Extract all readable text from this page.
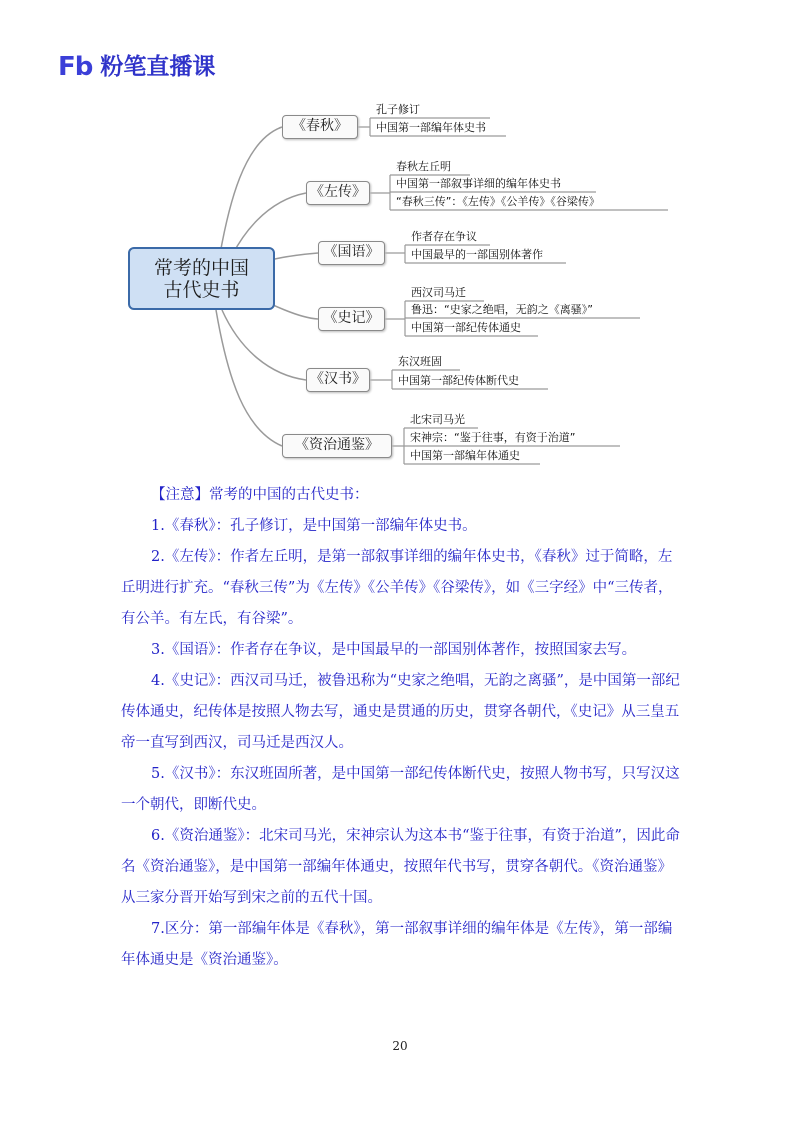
Fb 粉笔直播课
常考的中国
古代史书
《春秋》
《左传》
《国语》
《史记》
《汉书》
《资治通鉴》
孔子修订
中国第一部编年体史书
春秋左丘明
中国第一部叙事详细的编年体史书
“春秋三传”：《左传》《公羊传》《谷梁传》
作者存在争议
中国最早的一部国别体著作
西汉司马迁
鲁迅：“史家之绝唱，无韵之《离骚》”
中国第一部纪传体通史
东汉班固
中国第一部纪传体断代史
北宋司马光
宋神宗：“鉴于往事，有资于治道”
中国第一部编年体通史

【注意】常考的中国的古代史书：

1.《春秋》：孔子修订，是中国第一部编年体史书。

2.《左传》：作者左丘明，是第一部叙事详细的编年体史书，《春秋》过于简略，左丘明进行扩充。“春秋三传”为《左传》《公羊传》《谷梁传》，如《三字经》中“三传者，有公羊。有左氏，有谷梁”。

3.《国语》：作者存在争议，是中国最早的一部国别体著作，按照国家去写。

4.《史记》：西汉司马迁，被鲁迅称为“史家之绝唱，无韵之离骚”，是中国第一部纪传体通史，纪传体是按照人物去写，通史是贯通的历史，贯穿各朝代，《史记》从三皇五帝一直写到西汉，司马迁是西汉人。

5.《汉书》：东汉班固所著，是中国第一部纪传体断代史，按照人物书写，只写汉这一个朝代，即断代史。

6.《资治通鉴》：北宋司马光，宋神宗认为这本书“鉴于往事，有资于治道”，因此命名《资治通鉴》，是中国第一部编年体通史，按照年代书写，贯穿各朝代。《资治通鉴》从三家分晋开始写到宋之前的五代十国。

7.区分：第一部编年体是《春秋》，第一部叙事详细的编年体是《左传》，第一部编年体通史是《资治通鉴》。

20
